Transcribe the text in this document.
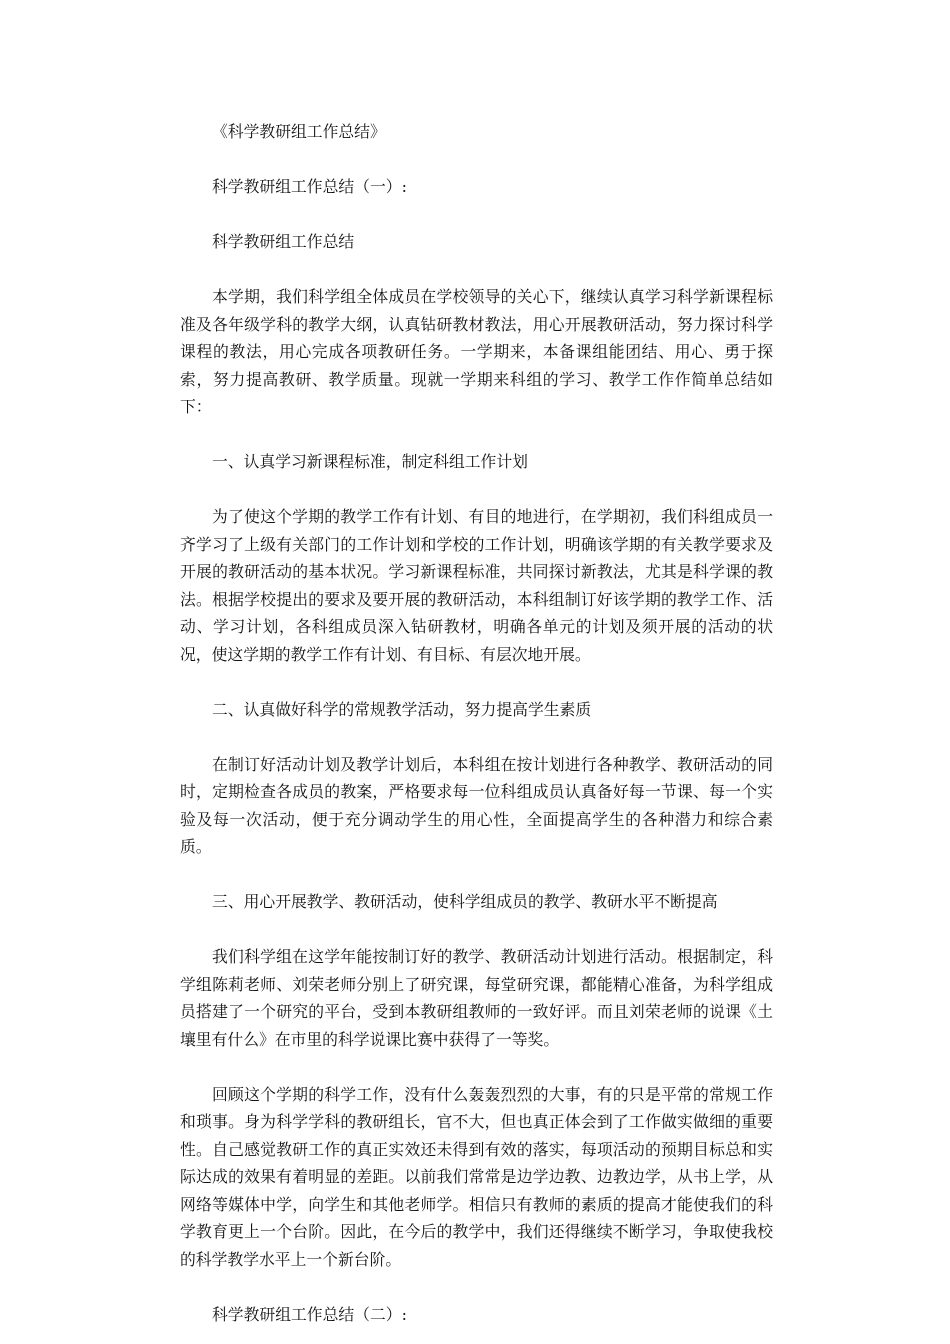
《科学教研组工作总结》

科学教研组工作总结（一）:

科学教研组工作总结

本学期，我们科学组全体成员在学校领导的关心下，继续认真学习科学新课程标准及各年级学科的教学大纲，认真钻研教材教法，用心开展教研活动，努力探讨科学课程的教法，用心完成各项教研任务。一学期来，本备课组能团结、用心、勇于探索，努力提高教研、教学质量。现就一学期来科组的学习、教学工作作简单总结如下：

一、认真学习新课程标准，制定科组工作计划

为了使这个学期的教学工作有计划、有目的地进行，在学期初，我们科组成员一齐学习了上级有关部门的工作计划和学校的工作计划，明确该学期的有关教学要求及开展的教研活动的基本状况。学习新课程标准，共同探讨新教法，尤其是科学课的教法。根据学校提出的要求及要开展的教研活动，本科组制订好该学期的教学工作、活动、学习计划，各科组成员深入钻研教材，明确各单元的计划及须开展的活动的状况，使这学期的教学工作有计划、有目标、有层次地开展。

二、认真做好科学的常规教学活动，努力提高学生素质

在制订好活动计划及教学计划后，本科组在按计划进行各种教学、教研活动的同时，定期检查各成员的教案，严格要求每一位科组成员认真备好每一节课、每一个实验及每一次活动，便于充分调动学生的用心性，全面提高学生的各种潜力和综合素质。

三、用心开展教学、教研活动，使科学组成员的教学、教研水平不断提高

我们科学组在这学年能按制订好的教学、教研活动计划进行活动。根据制定，科学组陈莉老师、刘荣老师分别上了研究课，每堂研究课，都能精心准备，为科学组成员搭建了一个研究的平台，受到本教研组教师的一致好评。而且刘荣老师的说课《土壤里有什么》在市里的科学说课比赛中获得了一等奖。

回顾这个学期的科学工作，没有什么轰轰烈烈的大事，有的只是平常的常规工作和琐事。身为科学学科的教研组长，官不大，但也真正体会到了工作做实做细的重要性。自己感觉教研工作的真正实效还未得到有效的落实，每项活动的预期目标总和实际达成的效果有着明显的差距。以前我们常常是边学边教、边教边学，从书上学，从网络等媒体中学，向学生和其他老师学。相信只有教师的素质的提高才能使我们的科学教育更上一个台阶。因此，在今后的教学中，我们还得继续不断学习，争取使我校的科学教学水平上一个新台阶。

科学教研组工作总结（二）:
